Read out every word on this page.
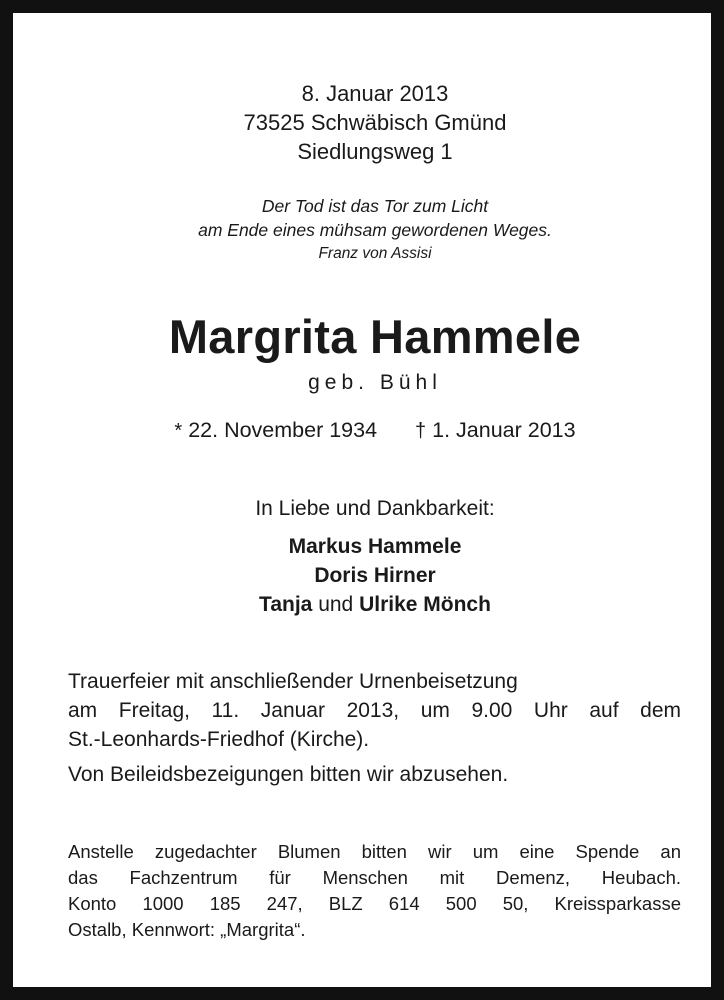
8. Januar 2013
73525 Schwäbisch Gmünd
Siedlungsweg 1
Der Tod ist das Tor zum Licht
am Ende eines mühsam gewordenen Weges.
Franz von Assisi
Margrita Hammele
geb. Bühl
* 22. November 1934 † 1. Januar 2013
In Liebe und Dankbarkeit:
Markus Hammele
Doris Hirner
Tanja und Ulrike Mönch
Trauerfeier mit anschließender Urnenbeisetzung
am Freitag, 11. Januar 2013, um 9.00 Uhr auf dem
St.-Leonhards-Friedhof (Kirche).
Von Beileidsbezeigungen bitten wir abzusehen.
Anstelle zugedachter Blumen bitten wir um eine Spende an
das Fachzentrum für Menschen mit Demenz, Heubach.
Konto 1000 185 247, BLZ 614 500 50, Kreissparkasse
Ostalb, Kennwort: „Margrita“.
